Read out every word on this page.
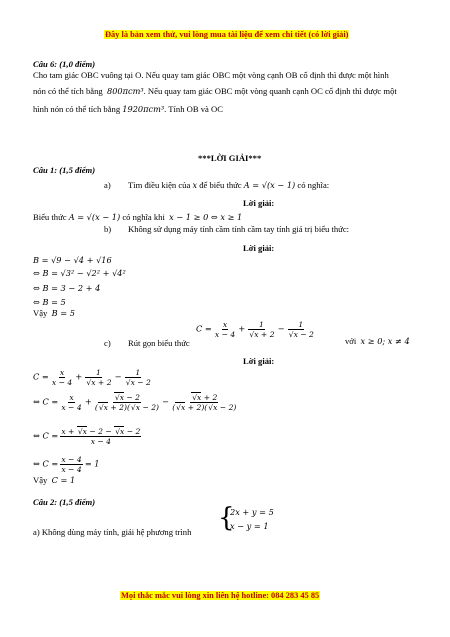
Đây là bản xem thử, vui lòng mua tài liệu để xem chi tiết (có lời giải)
Câu 6: (1,0 điểm)
Cho tam giác OBC vuông tại O. Nếu quay tam giác OBC một vòng cạnh OB cố định thì được một hình
nón có thể tích bằng 800πcm³. Nếu quay tam giác OBC một vòng quanh cạnh OC cố định thì được một
hình nón có thể tích bằng 1920πcm³. Tính OB và OC
***LỜI GIẢI***
Câu 1: (1,5 điểm)
a) Tìm điều kiện của x để biểu thức A = √(x − 1) có nghĩa:
Lời giải:
Biểu thức A = √(x − 1) có nghĩa khi x − 1 ≥ 0 ⇔ x ≥ 1
b) Không sử dụng máy tính cầm tính cầm tay tính giá trị biểu thức:
Lời giải:
B = √9 − √4 + √16
⇔ B = √3² − √2² + √4²
⇔ B = 3 − 2 + 4
⇔ B = 5
Vậy B = 5
c) Rút gọn biểu thức
$C = \frac{x}{x - 4} + \frac{1}{√x + 2} - \frac{1}{√x - 2}$
với x ≥ 0; x ≠ 4
Lời giải:
$C = \frac{x}{x - 4} + \frac{1}{√x + 2} - \frac{1}{√x - 2}$
⇔ $C = \frac{x}{x - 4} + \frac{√x - 2}{(√x + 2)(√x - 2)} - \frac{√x + 2}{(√x + 2)(√x - 2)}$
⇔ $C = \frac{x + √x - 2 - √x - 2}{x - 4}$
⇔ $C = \frac{x - 4}{x - 4} = 1$
Vậy C = 1
Câu 2: (1,5 điểm)
a) Không dùng máy tính, giải hệ phương trình {
2x + y = 5
x − y = 1
Mọi thắc mắc vui lòng xin liên hệ hotline: 084 283 45 85
